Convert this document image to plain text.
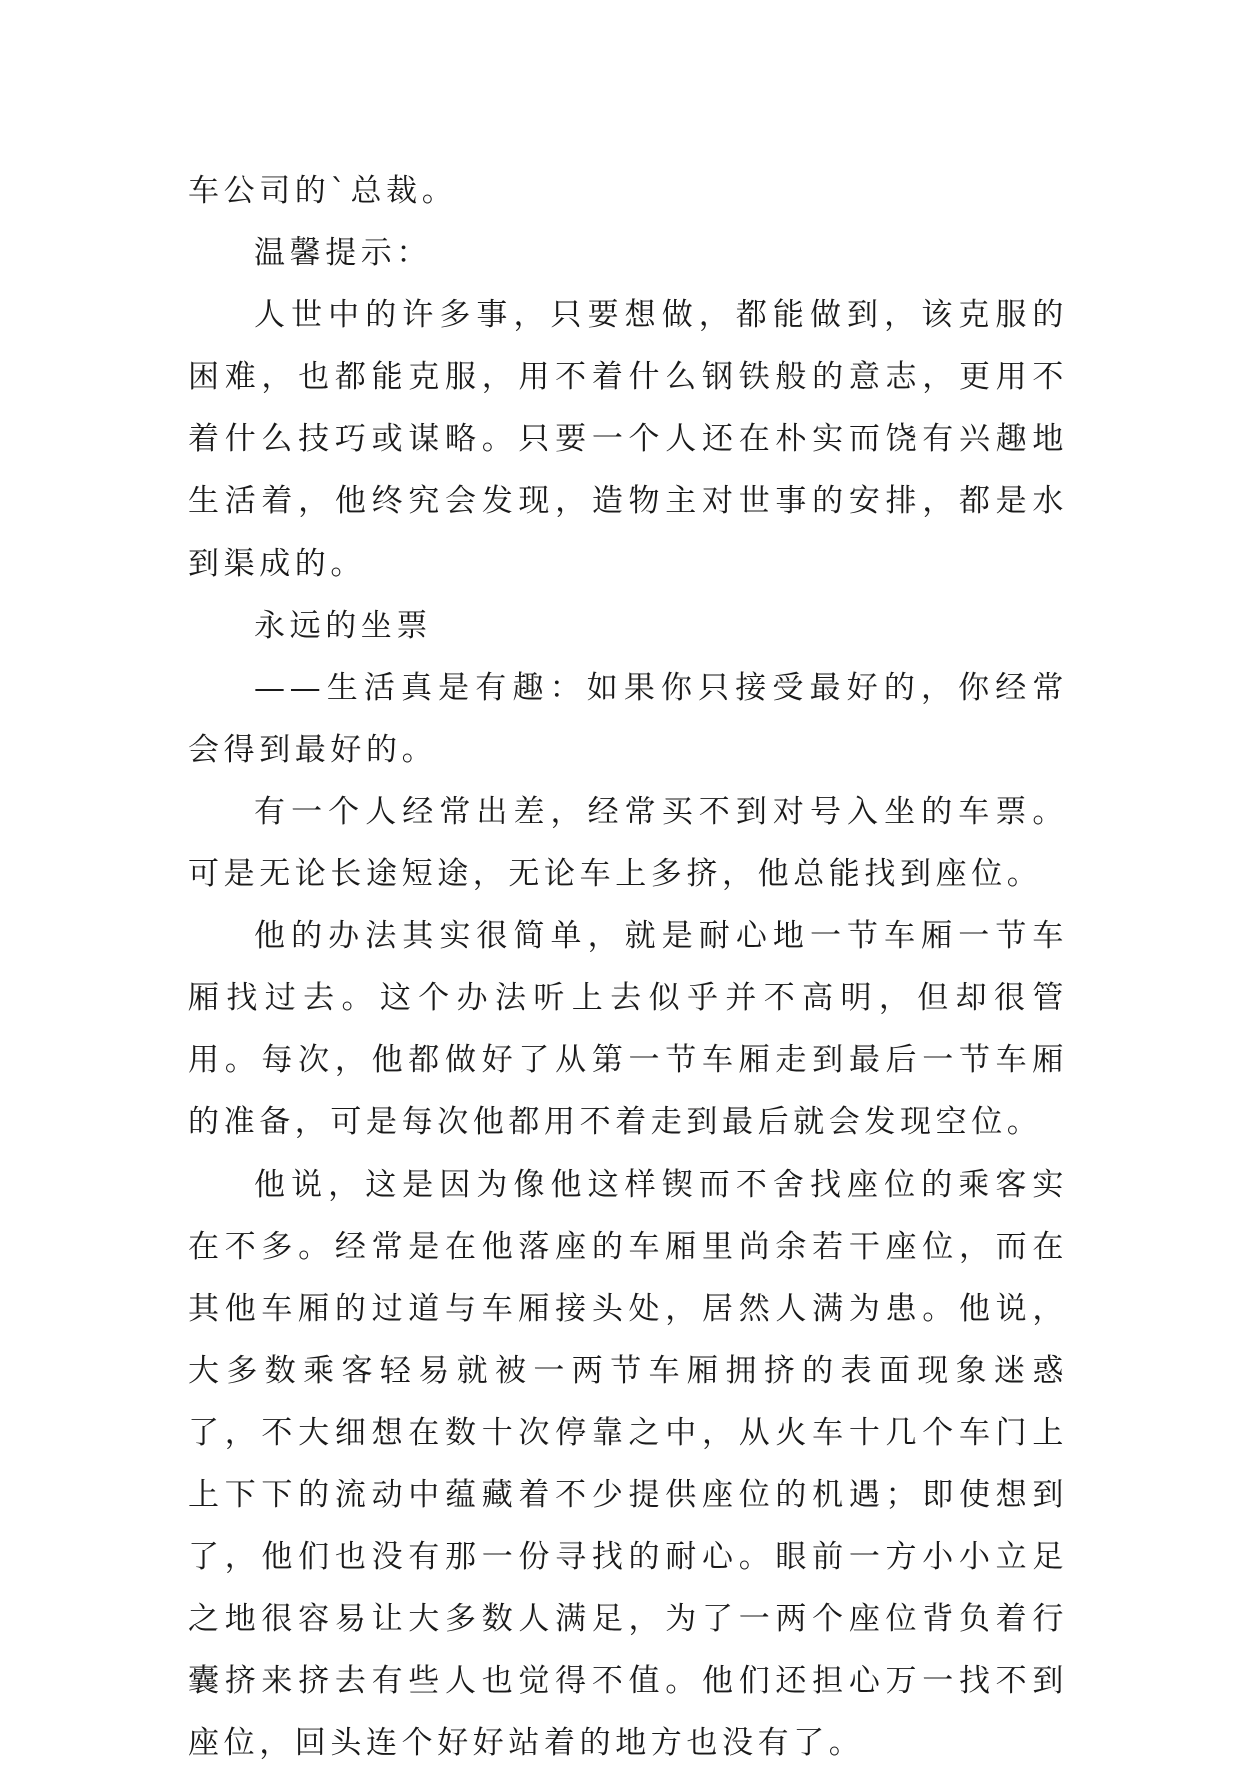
车公司的`总裁。

温馨提示：

人世中的许多事，只要想做，都能做到，该克服的困难，也都能克服，用不着什么钢铁般的意志，更用不着什么技巧或谋略。只要一个人还在朴实而饶有兴趣地生活着，他终究会发现，造物主对世事的安排，都是水到渠成的。

永远的坐票

——生活真是有趣：如果你只接受最好的，你经常会得到最好的。

有一个人经常出差，经常买不到对号入坐的车票。可是无论长途短途，无论车上多挤，他总能找到座位。

他的办法其实很简单，就是耐心地一节车厢一节车厢找过去。这个办法听上去似乎并不高明，但却很管用。每次，他都做好了从第一节车厢走到最后一节车厢的准备，可是每次他都用不着走到最后就会发现空位。

他说，这是因为像他这样锲而不舍找座位的乘客实在不多。经常是在他落座的车厢里尚余若干座位，而在其他车厢的过道与车厢接头处，居然人满为患。他说，大多数乘客轻易就被一两节车厢拥挤的表面现象迷惑了，不大细想在数十次停靠之中，从火车十几个车门上上下下的流动中蕴藏着不少提供座位的机遇；即使想到了，他们也没有那一份寻找的耐心。眼前一方小小立足之地很容易让大多数人满足，为了一两个座位背负着行囊挤来挤去有些人也觉得不值。他们还担心万一找不到座位，回头连个好好站着的地方也没有了。
